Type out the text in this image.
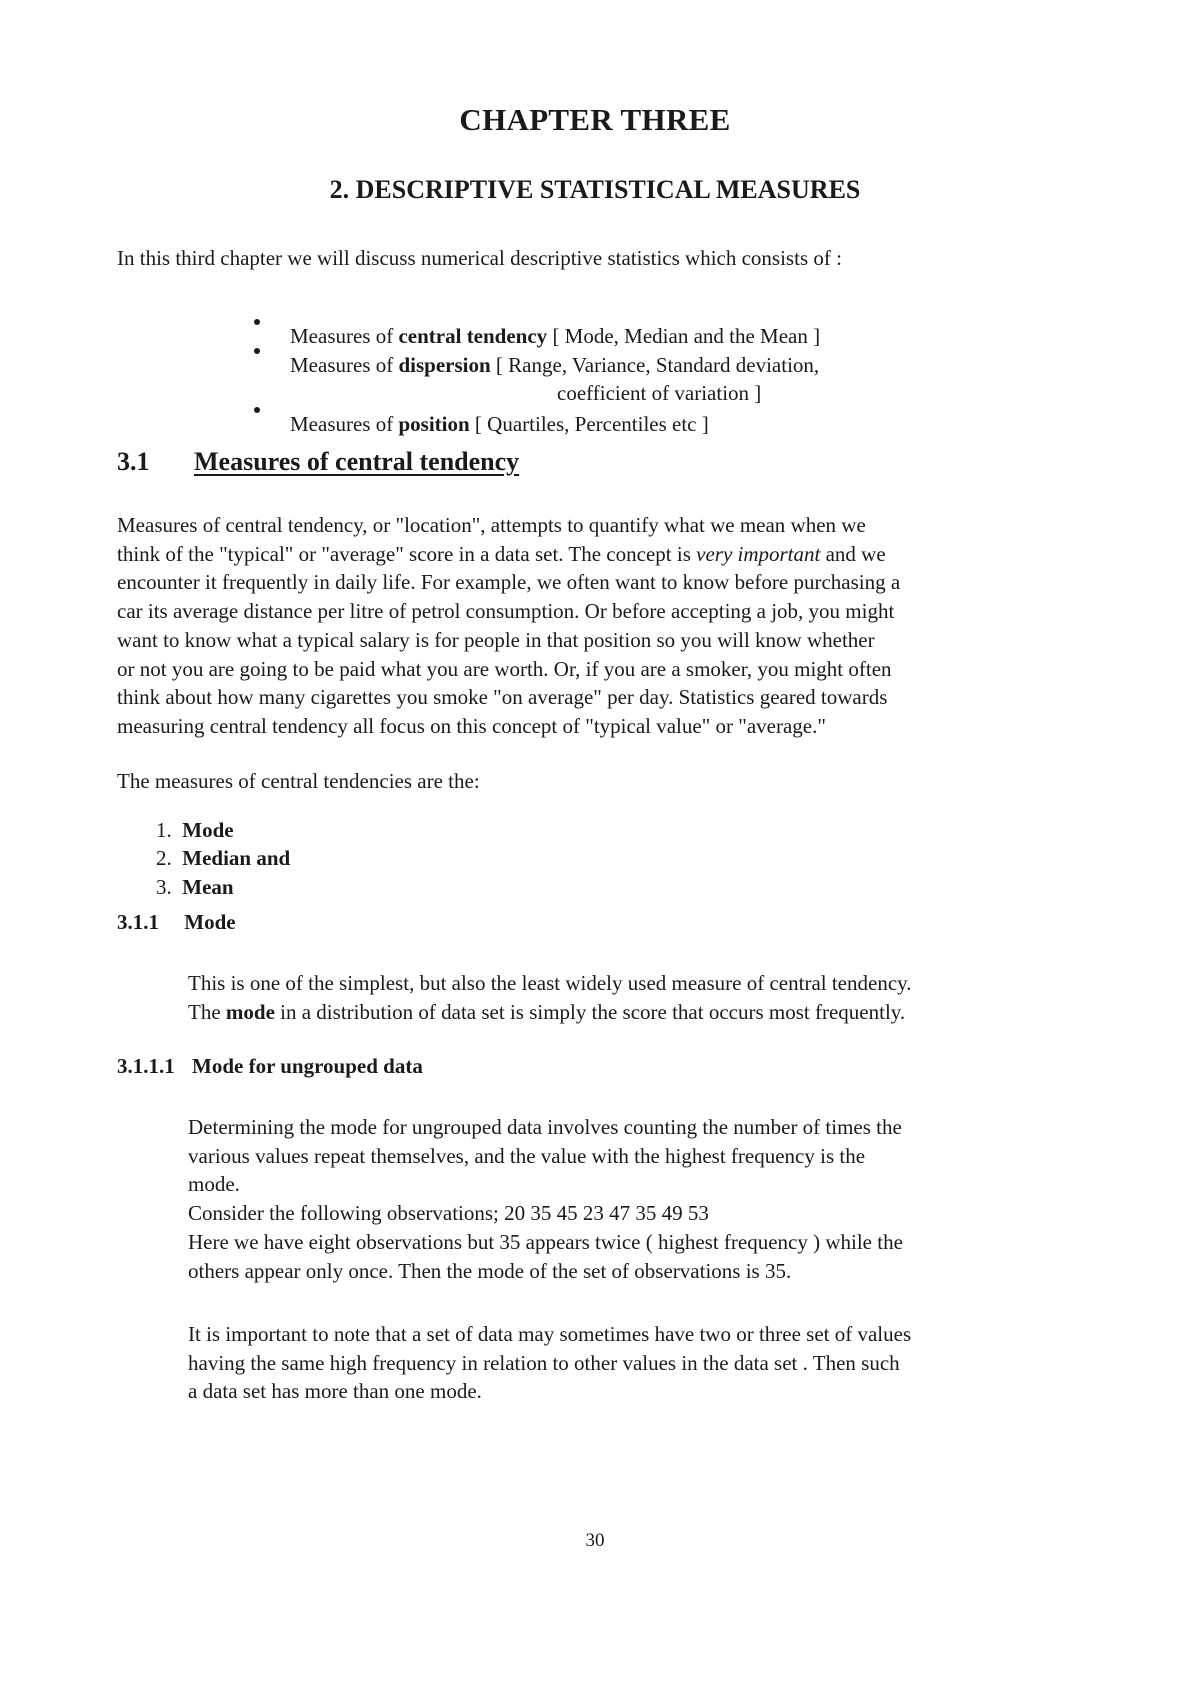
CHAPTER THREE
2. DESCRIPTIVE STATISTICAL MEASURES

In this third chapter we will discuss numerical descriptive statistics which consists of :

Measures of central tendency [ Mode, Median and the Mean ]

Measures of dispersion [ Range, Variance, Standard deviation,

coefficient of variation ]

Measures of position [ Quartiles, Percentiles etc ]

3.1 Measures of central tendency
Measures of central tendency, or "location", attempts to quantify what we mean when we
think of the "typical" or "average" score in a data set. The concept is very important and we
encounter it frequently in daily life. For example, we often want to know before purchasing a
car its average distance per litre of petrol consumption. Or before accepting a job, you might
want to know what a typical salary is for people in that position so you will know whether
or not you are going to be paid what you are worth. Or, if you are a smoker, you might often
think about how many cigarettes you smoke "on average" per day. Statistics geared towards
measuring central tendency all focus on this concept of "typical value" or "average."

The measures of central tendencies are the:

1. Mode

2. Median and

3. Mean

3.1.1 Mode
This is one of the simplest, but also the least widely used measure of central tendency.
The mode in a distribution of data set is simply the score that occurs most frequently.
3.1.1.1 Mode for ungrouped data
Determining the mode for ungrouped data involves counting the number of times the
various values repeat themselves, and the value with the highest frequency is the
mode.
Consider the following observations; 20 35 45 23 47 35 49 53
Here we have eight observations but 35 appears twice ( highest frequency ) while the
others appear only once. Then the mode of the set of observations is 35.
It is important to note that a set of data may sometimes have two or three set of values
having the same high frequency in relation to other values in the data set . Then such
a data set has more than one mode.

30
